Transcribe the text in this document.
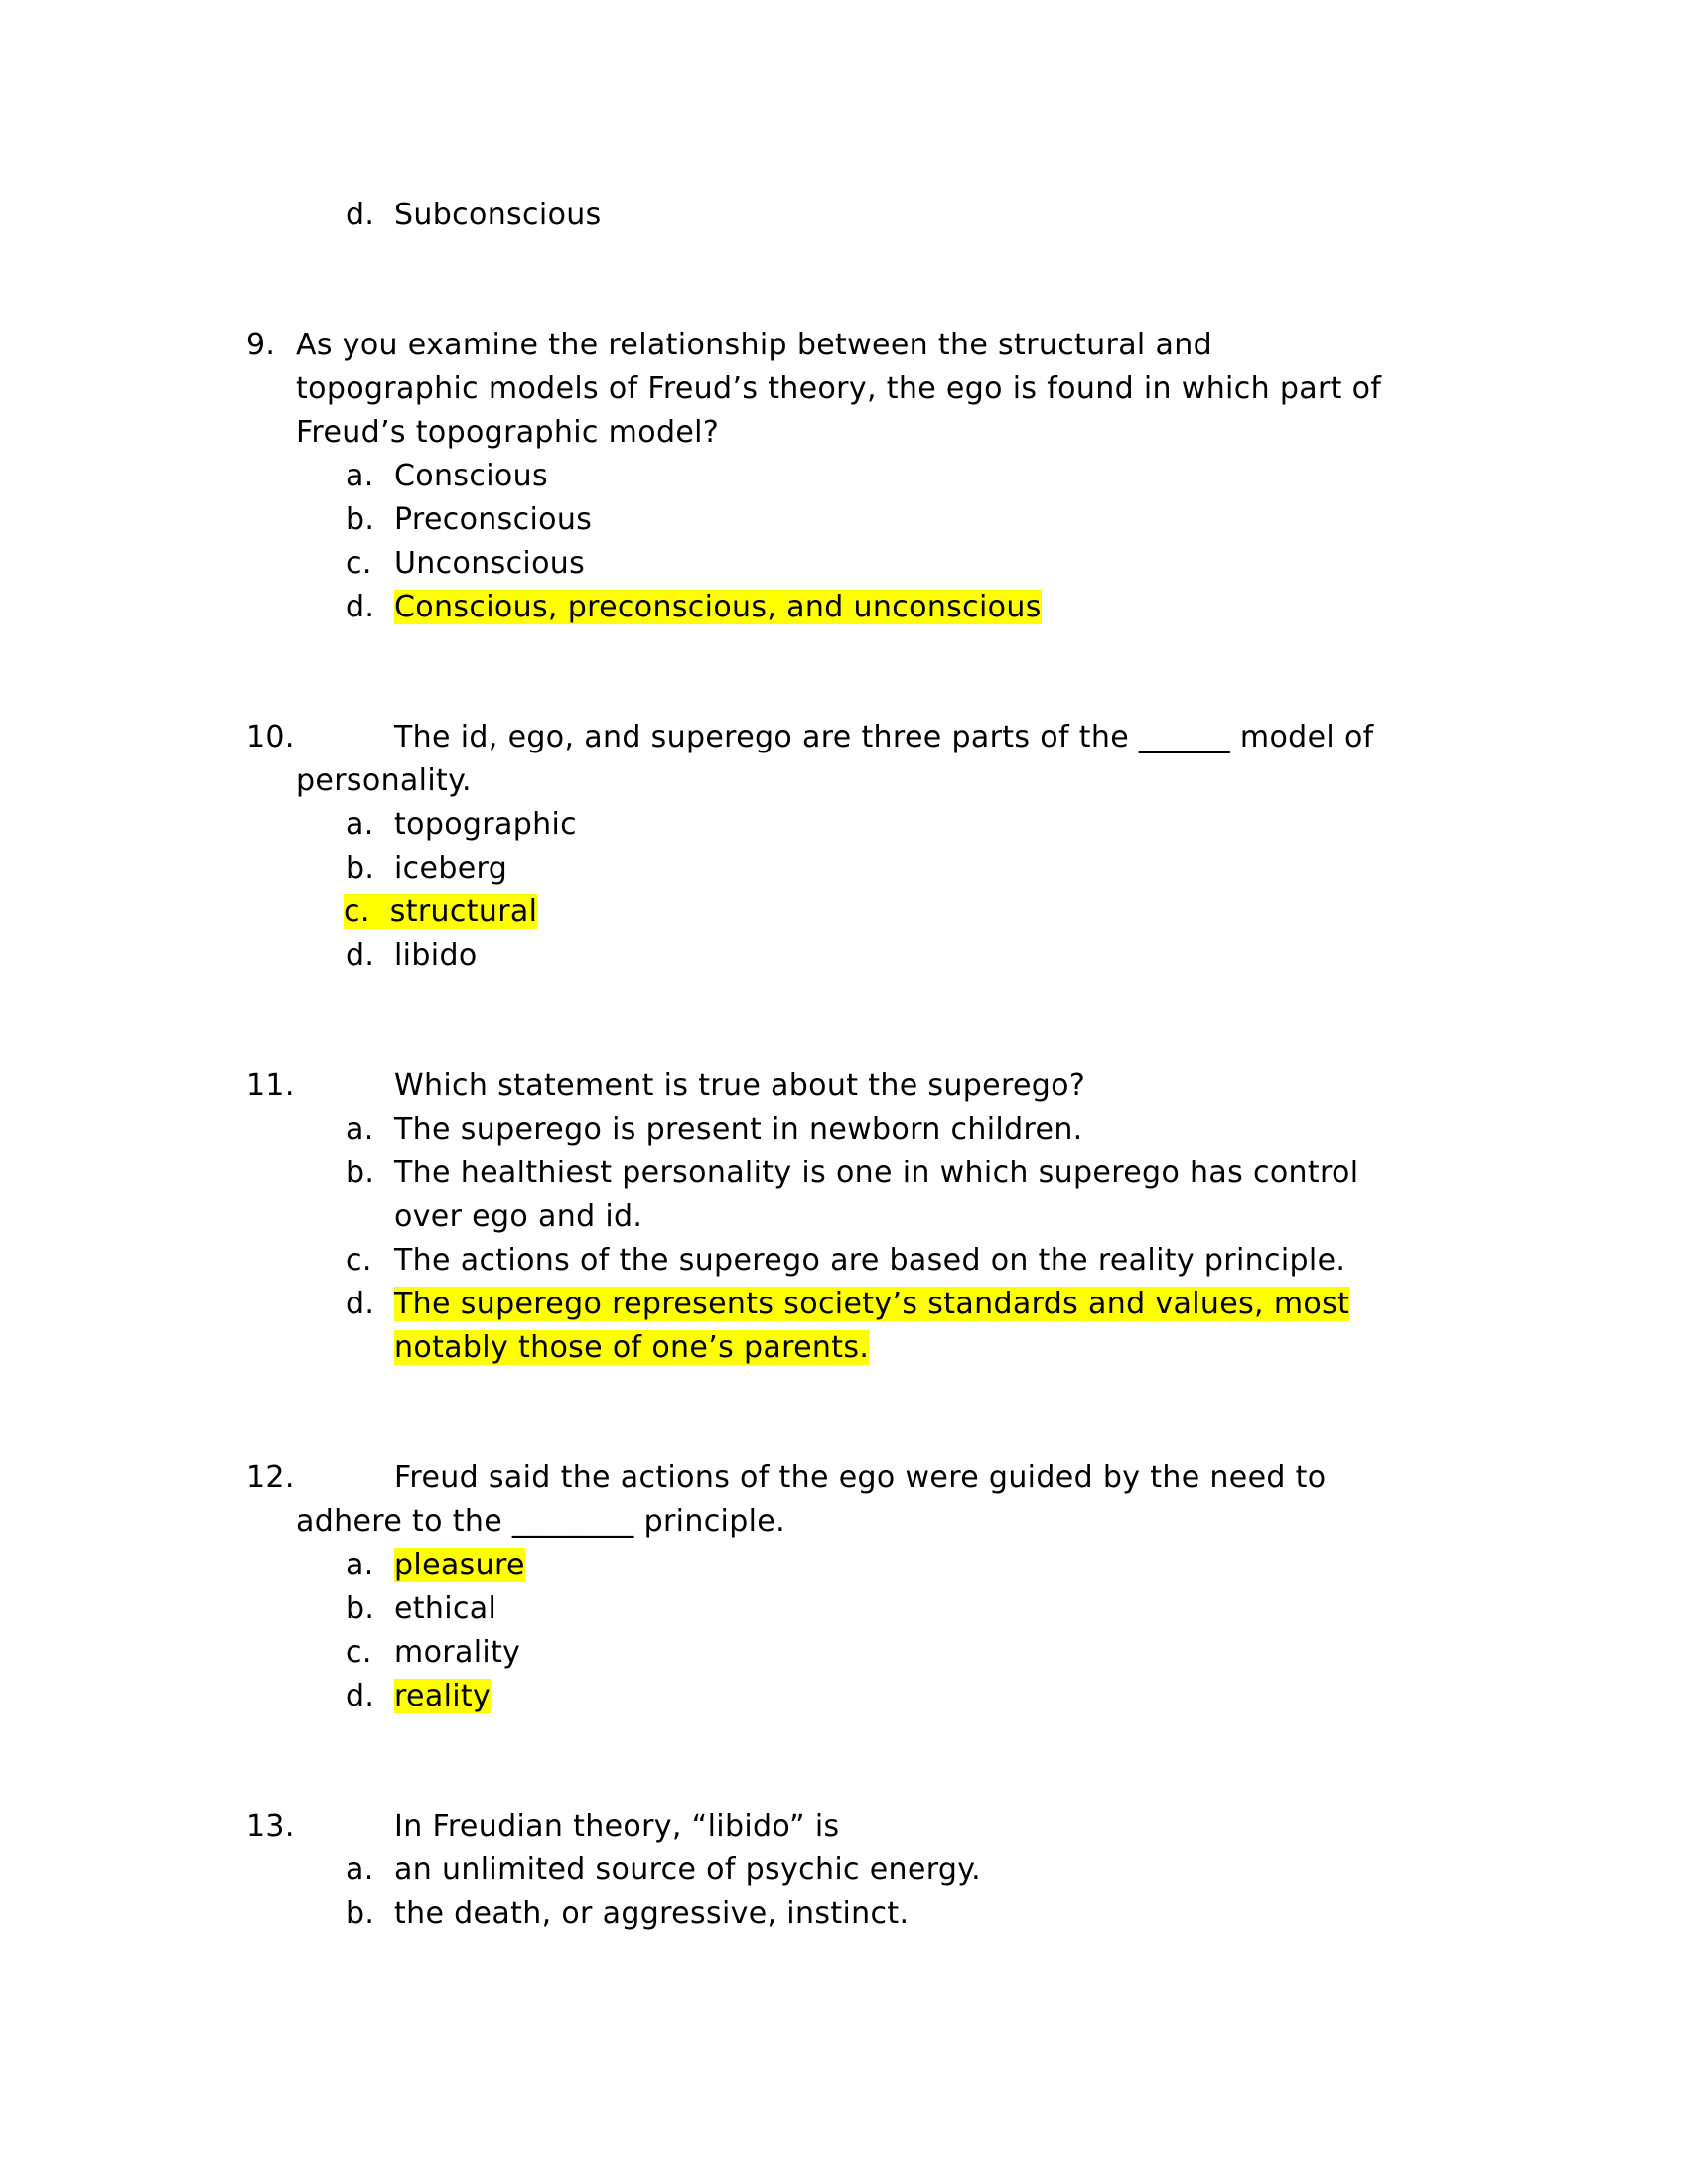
d. Subconscious
9. As you examine the relationship between the structural and
topographic models of Freud’s theory, the ego is found in which part of
Freud’s topographic model?
a. Conscious
b. Preconscious
c. Unconscious
d. Conscious, preconscious, and unconscious
10.	The id, ego, and superego are three parts of the ______ model of
personality.
a. topographic
b. iceberg
c. structural
d. libido
11.	Which statement is true about the superego?
a. The superego is present in newborn children.
b. The healthiest personality is one in which superego has control
over ego and id.
c. The actions of the superego are based on the reality principle.
d. The superego represents society’s standards and values, most
notably those of one’s parents.
12.	Freud said the actions of the ego were guided by the need to
adhere to the ________ principle.
a. pleasure
b. ethical
c. morality
d. reality
13.	In Freudian theory, “libido” is
a. an unlimited source of psychic energy.
b. the death, or aggressive, instinct.
